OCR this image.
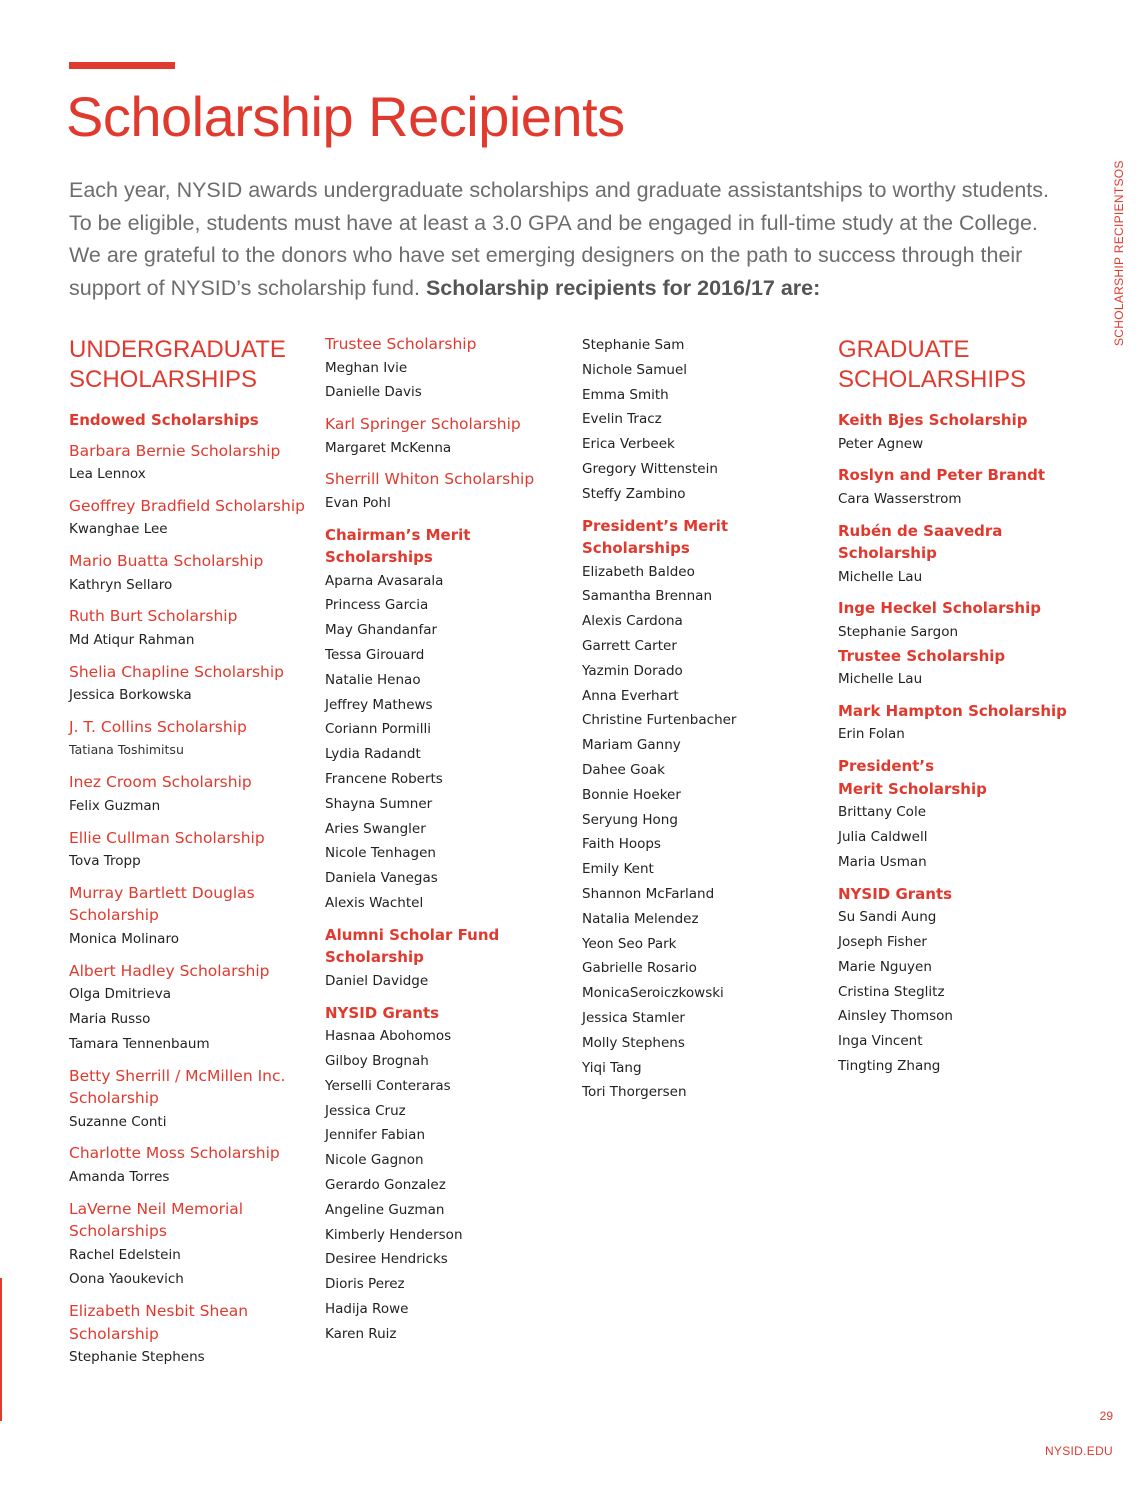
Scholarship Recipients

Each year, NYSID awards undergraduate scholarships and graduate assistantships to worthy students. To be eligible, students must have at least a 3.0 GPA and be engaged in full-time study at the College. We are grateful to the donors who have set emerging designers on the path to success through their support of NYSID’s scholarship fund. Scholarship recipients for 2016/17 are:

UNDERGRADUATE
SCHOLARSHIPS
Endowed Scholarships
Barbara Bernie Scholarship
Lea Lennox
Geoffrey Bradfield Scholarship
Kwanghae Lee
Mario Buatta Scholarship
Kathryn Sellaro
Ruth Burt Scholarship
Md Atiqur Rahman
Shelia Chapline Scholarship
Jessica Borkowska
J. T. Collins Scholarship
Tatiana Toshimitsu
Inez Croom Scholarship
Felix Guzman
Ellie Cullman Scholarship
Tova Tropp
Murray Bartlett Douglas
Scholarship
Monica Molinaro
Albert Hadley Scholarship
Olga Dmitrieva
Maria Russo
Tamara Tennenbaum
Betty Sherrill / McMillen Inc.
Scholarship
Suzanne Conti
Charlotte Moss Scholarship
Amanda Torres
LaVerne Neil Memorial
Scholarships
Rachel Edelstein
Oona Yaoukevich
Elizabeth Nesbit Shean
Scholarship
Stephanie Stephens
Trustee Scholarship
Meghan Ivie
Danielle Davis
Karl Springer Scholarship
Margaret McKenna
Sherrill Whiton Scholarship
Evan Pohl
Chairman’s Merit
Scholarships
Aparna Avasarala
Princess Garcia
May Ghandanfar
Tessa Girouard
Natalie Henao
Jeffrey Mathews
Coriann Pormilli
Lydia Radandt
Francene Roberts
Shayna Sumner
Aries Swangler
Nicole Tenhagen
Daniela Vanegas
Alexis Wachtel
Alumni Scholar Fund
Scholarship
Daniel Davidge
NYSID Grants
Hasnaa Abohomos
Gilboy Brognah
Yerselli Conteraras
Jessica Cruz
Jennifer Fabian
Nicole Gagnon
Gerardo Gonzalez
Angeline Guzman
Kimberly Henderson
Desiree Hendricks
Dioris Perez
Hadija Rowe
Karen Ruiz
Stephanie Sam
Nichole Samuel
Emma Smith
Evelin Tracz
Erica Verbeek
Gregory Wittenstein
Steffy Zambino
President’s Merit Scholarships
Elizabeth Baldeo
Samantha Brennan
Alexis Cardona
Garrett Carter
Yazmin Dorado
Anna Everhart
Christine Furtenbacher
Mariam Ganny
Dahee Goak
Bonnie Hoeker
Seryung Hong
Faith Hoops
Emily Kent
Shannon McFarland
Natalia Melendez
Yeon Seo Park
Gabrielle Rosario
MonicaSeroiczkowski
Jessica Stamler
Molly Stephens
Yiqi Tang
Tori Thorgersen
GRADUATE
SCHOLARSHIPS
Keith Bjes Scholarship
Peter Agnew
Roslyn and Peter Brandt
Cara Wasserstrom
Rubén de Saavedra
Scholarship
Michelle Lau
Inge Heckel Scholarship
Stephanie Sargon
Trustee Scholarship
Michelle Lau
Mark Hampton Scholarship
Erin Folan
President’s
Merit Scholarship
Brittany Cole
Julia Caldwell
Maria Usman
NYSID Grants
Su Sandi Aung
Joseph Fisher
Marie Nguyen
Cristina Steglitz
Ainsley Thomson
Inga Vincent
Tingting Zhang
SCHOLARSHIP RECIPIENTSOS
29
NYSID.EDU
